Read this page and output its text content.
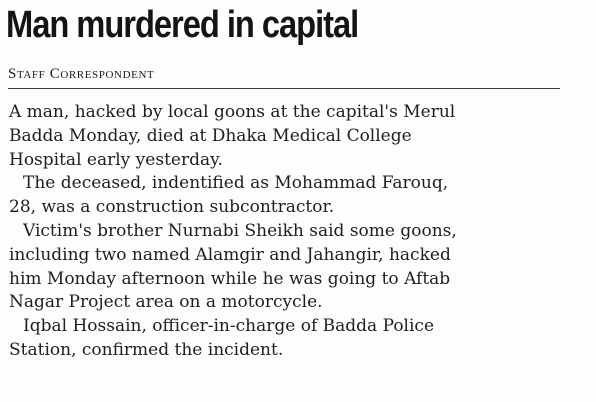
Man murdered in capital
Staff Correspondent
A man, hacked by local goons at the capital's Merul
Badda Monday, died at Dhaka Medical College
Hospital early yesterday.
The deceased, indentified as Mohammad Farouq,
28, was a construction subcontractor.
Victim's brother Nurnabi Sheikh said some goons,
including two named Alamgir and Jahangir, hacked
him Monday afternoon while he was going to Aftab
Nagar Project area on a motorcycle.
Iqbal Hossain, officer-in-charge of Badda Police
Station, confirmed the incident.
